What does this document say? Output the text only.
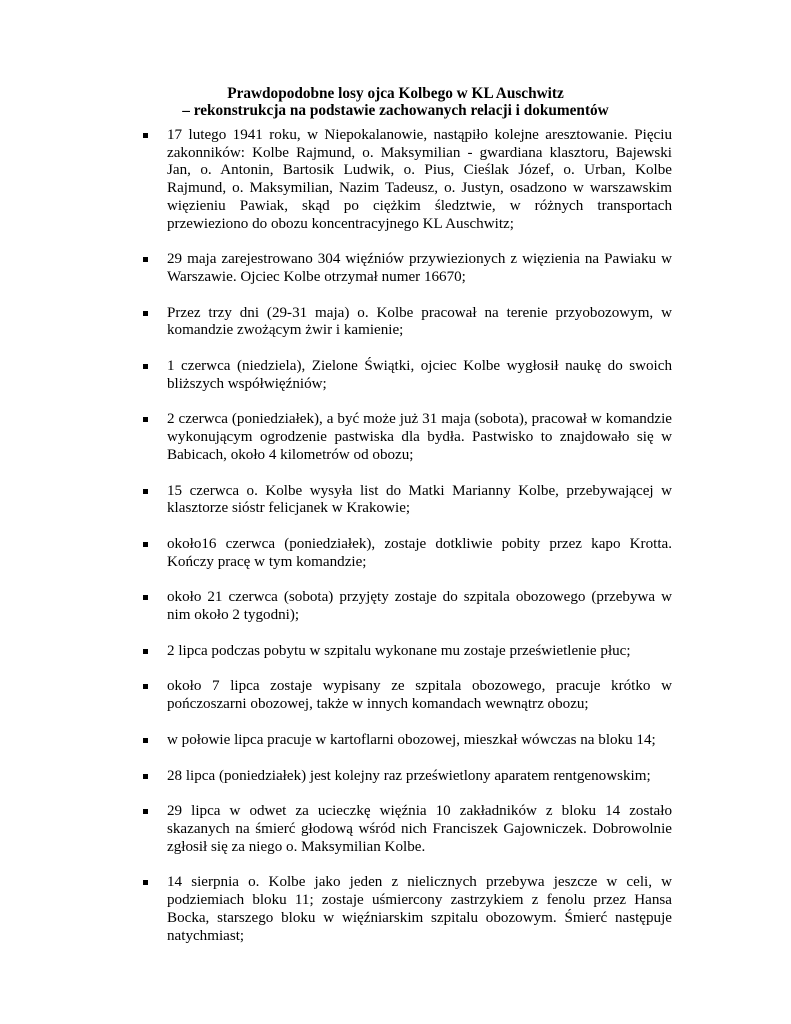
Prawdopodobne losy ojca Kolbego w KL Auschwitz
– rekonstrukcja na podstawie zachowanych relacji i dokumentów
17 lutego 1941 roku, w Niepokalanowie, nastąpiło kolejne aresztowanie. Pięciu zakonników: Kolbe Rajmund, o. Maksymilian - gwardiana klasztoru, Bajewski Jan, o. Antonin, Bartosik Ludwik, o. Pius, Cieślak Józef, o. Urban, Kolbe Rajmund, o. Maksymilian, Nazim Tadeusz, o. Justyn, osadzono w warszawskim więzieniu Pawiak, skąd po ciężkim śledztwie, w różnych transportach przewieziono do obozu koncentracyjnego KL Auschwitz;
29 maja zarejestrowano 304 więźniów przywiezionych z więzienia na Pawiaku w Warszawie. Ojciec Kolbe otrzymał numer 16670;
Przez trzy dni (29-31 maja) o. Kolbe pracował na terenie przyobozowym, w komandzie zwożącym żwir i kamienie;
1 czerwca (niedziela), Zielone Świątki, ojciec Kolbe wygłosił naukę do swoich bliższych współwięźniów;
2 czerwca (poniedziałek), a być może już 31 maja (sobota), pracował w komandzie wykonującym ogrodzenie pastwiska dla bydła. Pastwisko to znajdowało się w Babicach, około 4 kilometrów od obozu;
15 czerwca o. Kolbe wysyła list do Matki Marianny Kolbe, przebywającej w klasztorze sióstr felicjanek w Krakowie;
około16 czerwca (poniedziałek), zostaje dotkliwie pobity przez kapo Krotta. Kończy pracę w tym komandzie;
około 21 czerwca (sobota) przyjęty zostaje do szpitala obozowego (przebywa w nim około 2 tygodni);
2 lipca podczas pobytu w szpitalu wykonane mu zostaje prześwietlenie płuc;
około 7 lipca zostaje wypisany ze szpitala obozowego, pracuje krótko w pończoszarni obozowej, także w innych komandach wewnątrz obozu;
w połowie lipca pracuje w kartoflarni obozowej, mieszkał wówczas na bloku 14;
28 lipca (poniedziałek) jest kolejny raz prześwietlony aparatem rentgenowskim;
29 lipca w odwet za ucieczkę więźnia 10 zakładników z bloku 14 zostało skazanych na śmierć głodową wśród nich Franciszek Gajowniczek. Dobrowolnie zgłosił się za niego o. Maksymilian Kolbe.
14 sierpnia o. Kolbe jako jeden z nielicznych przebywa jeszcze w celi, w podziemiach bloku 11; zostaje uśmiercony zastrzykiem z fenolu przez Hansa Bocka, starszego bloku w więźniarskim szpitalu obozowym. Śmierć następuje natychmiast;
